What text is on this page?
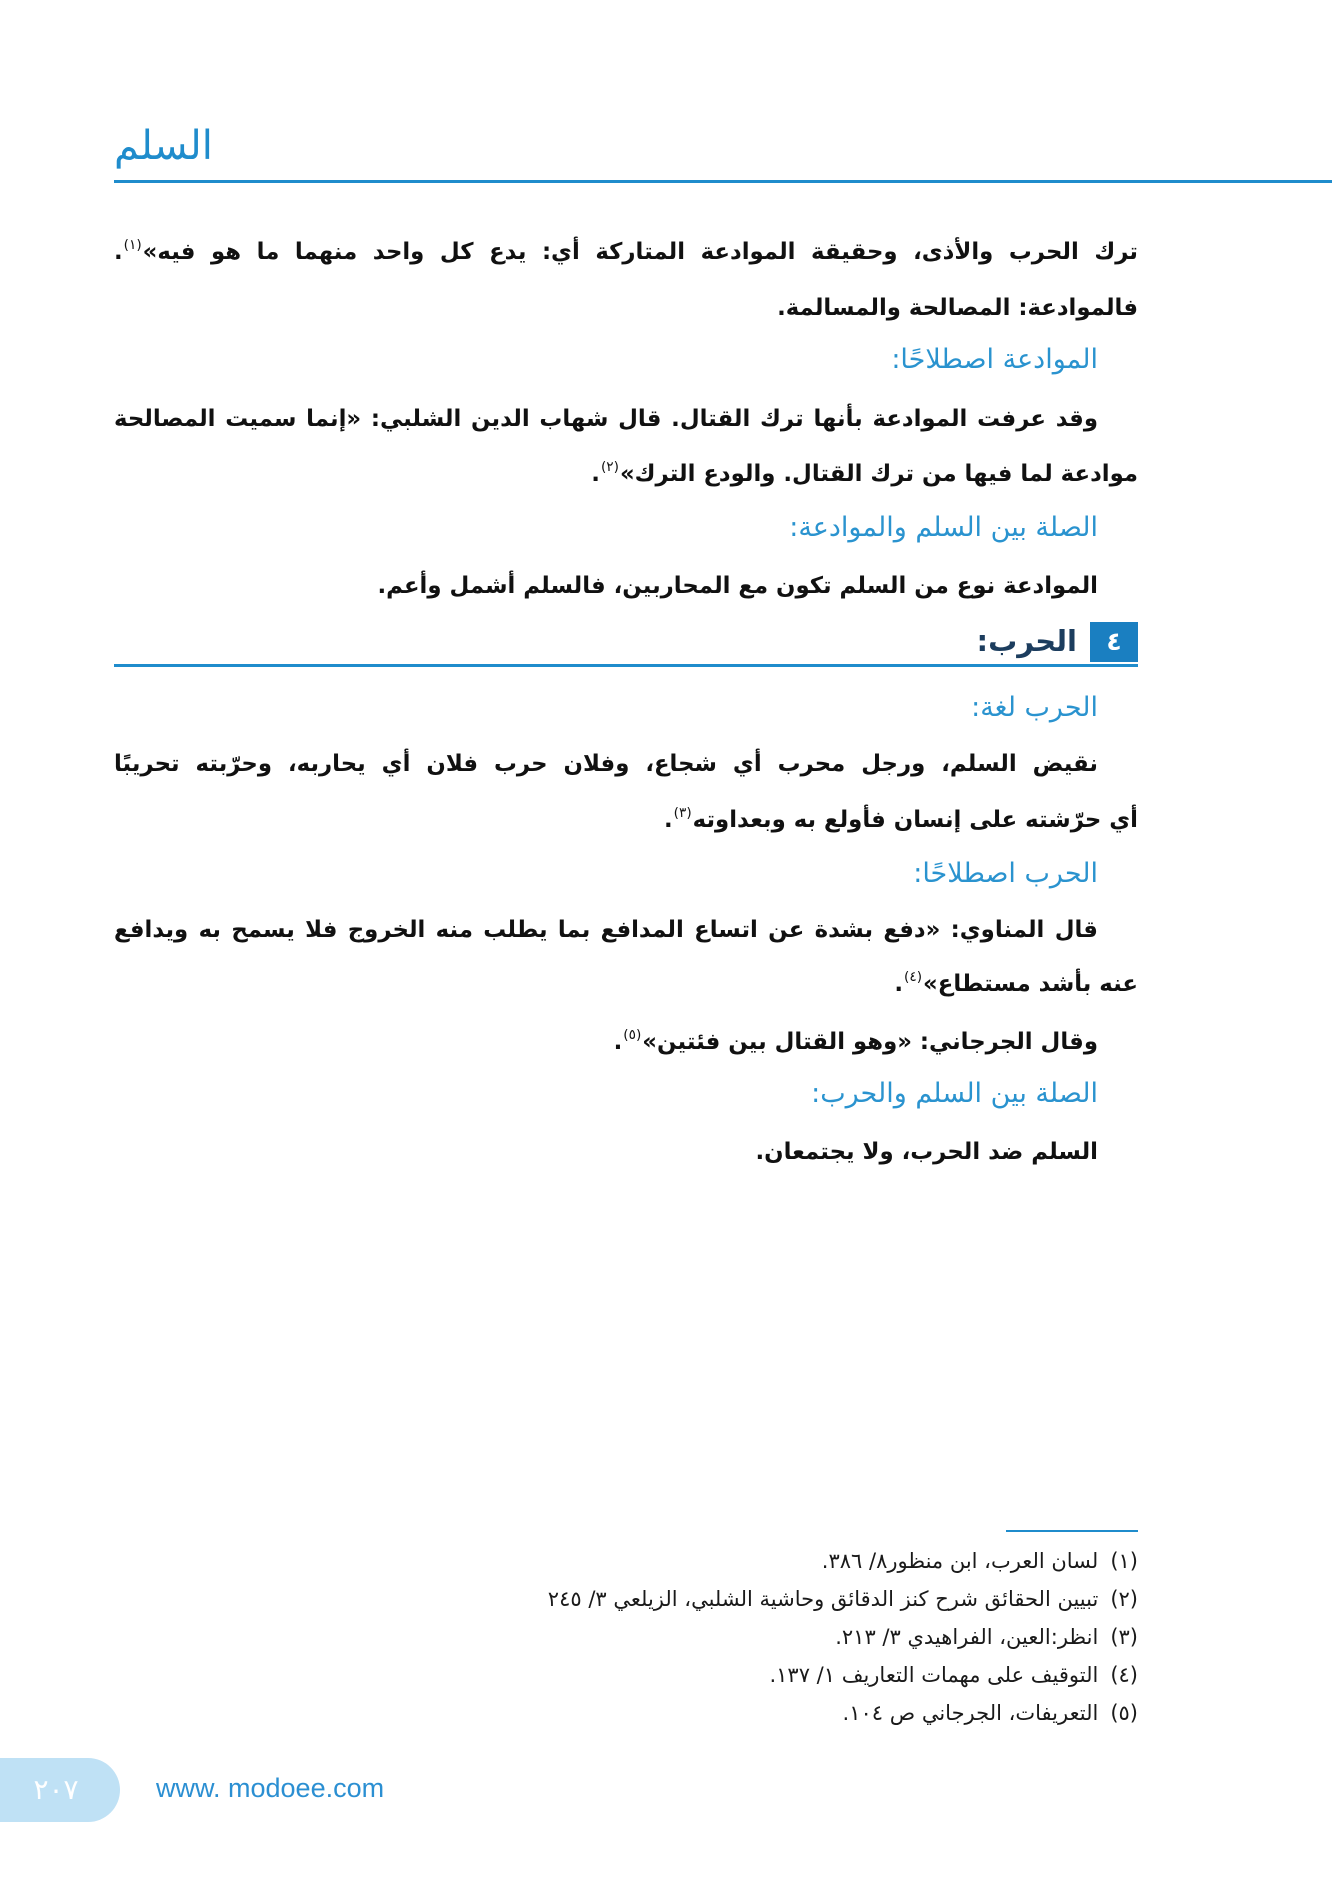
السلم
ترك الحرب والأذى، وحقيقة الموادعة المتاركة أي: يدع كل واحد منهما ما هو فيه»$^{(١)}$.
فالموادعة: المصالحة والمسالمة.
الموادعة اصطلاحًا:
وقد عرفت الموادعة بأنها ترك القتال. قال شهاب الدين الشلبي: «إنما سميت المصالحة
موادعة لما فيها من ترك القتال. والودع الترك»$^{(٢)}$.
الصلة بين السلم والموادعة:
الموادعة نوع من السلم تكون مع المحاربين، فالسلم أشمل وأعم.
٤
الحرب:
الحرب لغة:
نقيض السلم، ورجل محرب أي شجاع، وفلان حرب فلان أي يحاربه، وحرّبته تحريبًا
أي حرّشته على إنسان فأولع به وبعداوته$^{(٣)}$.
الحرب اصطلاحًا:
قال المناوي: «دفع بشدة عن اتساع المدافع بما يطلب منه الخروج فلا يسمح به ويدافع
عنه بأشد مستطاع»$^{(٤)}$.
وقال الجرجاني: «وهو القتال بين فئتين»$^{(٥)}$.
الصلة بين السلم والحرب:
السلم ضد الحرب، ولا يجتمعان.
(١)لسان العرب، ابن منظور٨/ ٣٨٦.
(٢)تبيين الحقائق شرح كنز الدقائق وحاشية الشلبي، الزيلعي ٣/ ٢٤٥
(٣)انظر:العين، الفراهيدي ٣/ ٢١٣.
(٤)التوقيف على مهمات التعاريف ١/ ١٣٧.
(٥)التعريفات، الجرجاني ص ١٠٤.
٢٠٧	www. modoee.com
